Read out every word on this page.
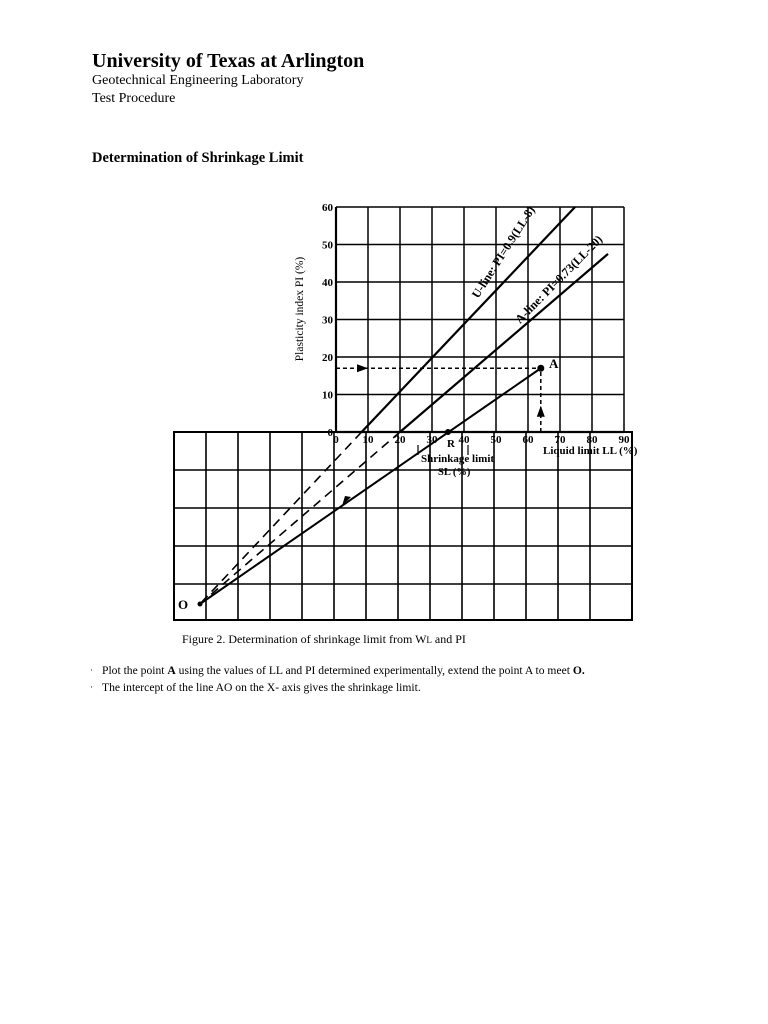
University of Texas at Arlington

Geotechnical Engineering Laboratory

Test Procedure

Determination of Shrinkage Limit
Plasticity index PI (%)
Liquid limit LL (%)
Shrinkage limit
SL (%)
U-line: PI=0.9(LL-8)
A-line: PI=0.73(LL-20)
A
R
O
0
10
20
30
40
50
60
0 10 20 30 40 50 60 70 80 90

Figure 2. Determination of shrinkage limit from WL and PI

· Plot the point A using the values of LL and PI determined experimentally, extend the point A to meet O.
· The intercept of the line AO on the X- axis gives the shrinkage limit.
